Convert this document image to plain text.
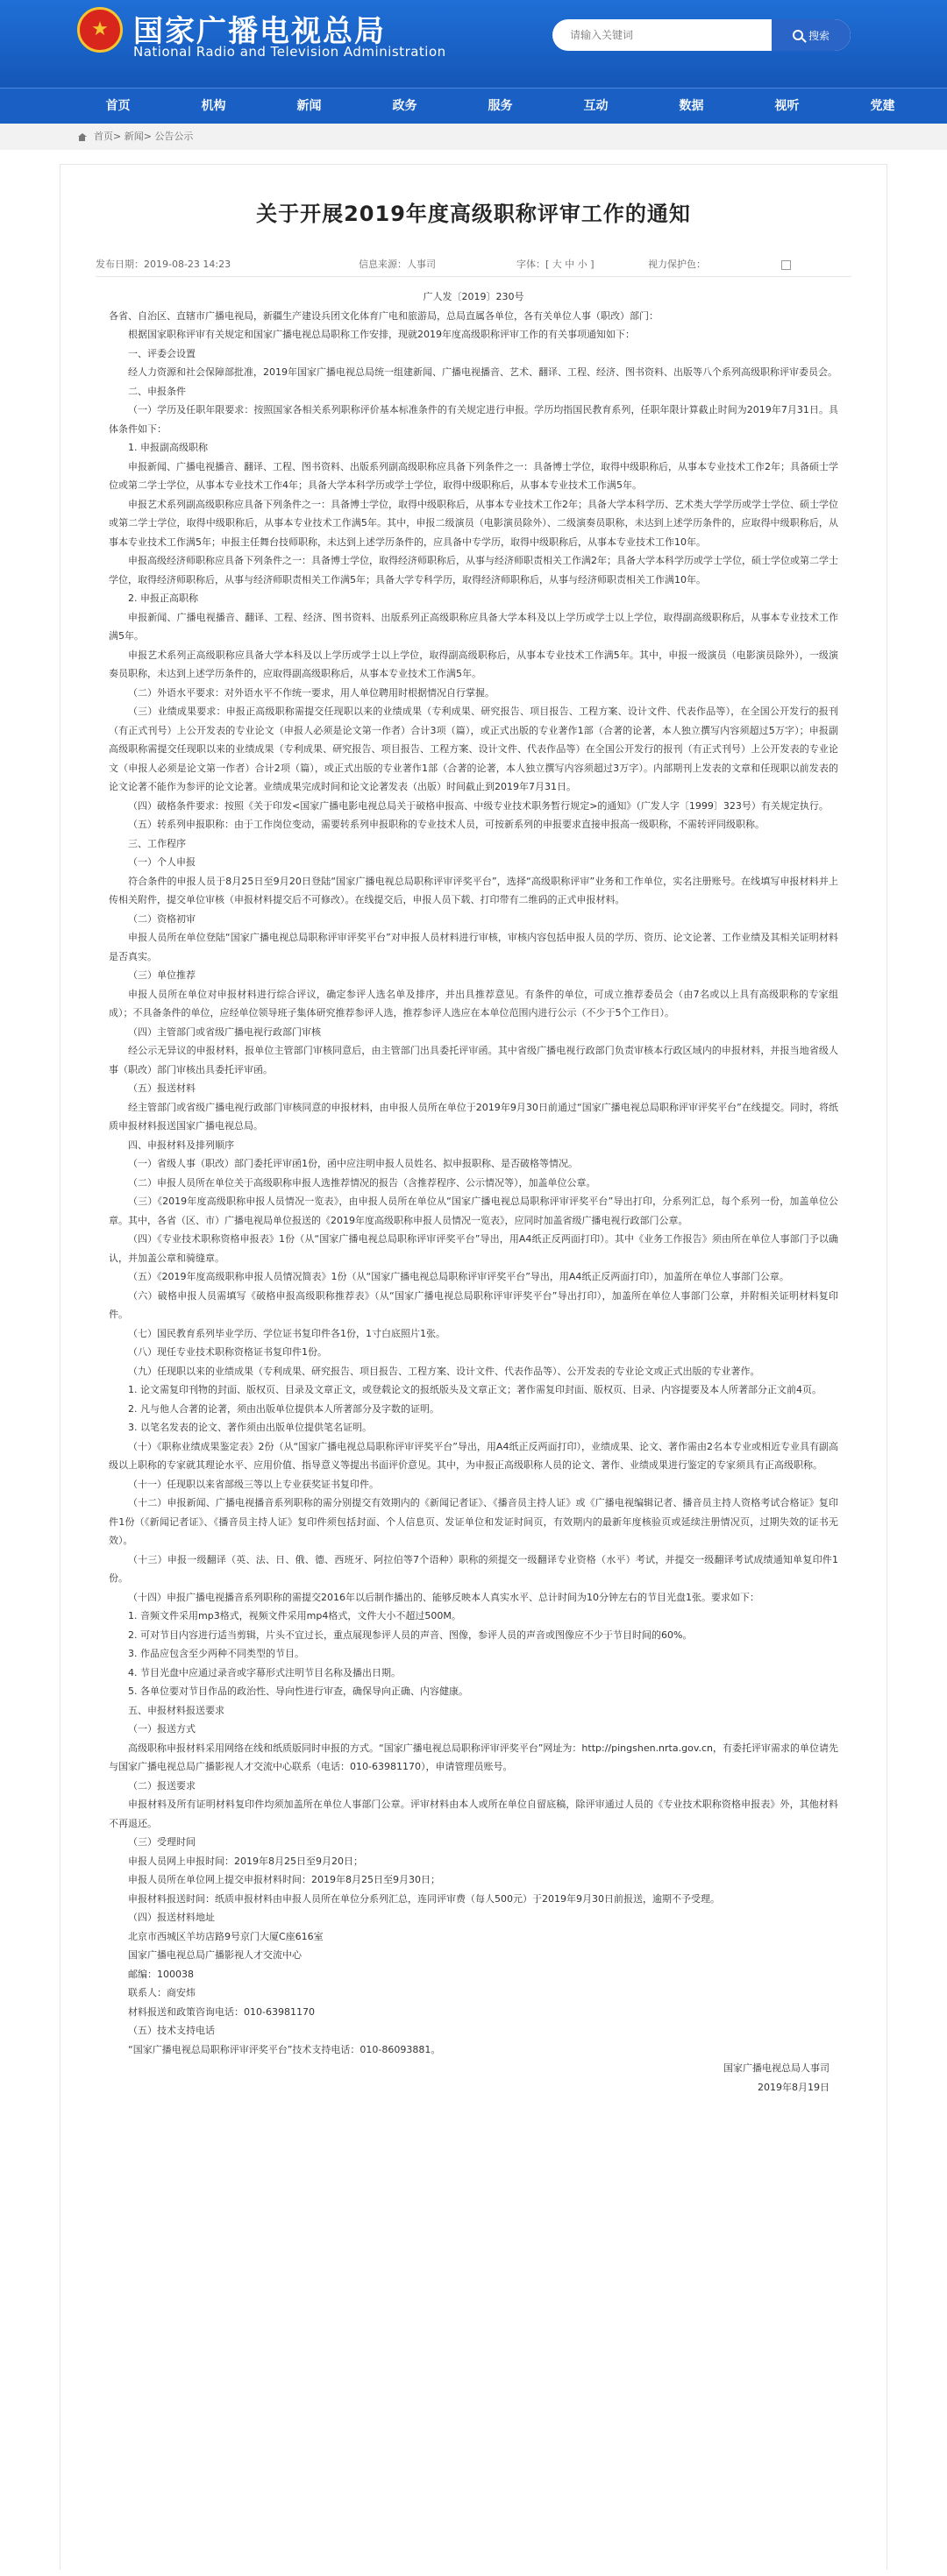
★ 国家广播电视总局
National Radio and Television Administration
请输入关键词
搜索
首页	机构	新闻	政务	服务	互动	数据	视听	党建
首页> 新闻> 公告公示
关于开展2019年度高级职称评审工作的通知
发布日期：2019-08-23 14:23	信息来源：人事司	字体：[ 大 中 小 ]	视力保护色：

广人发〔2019〕230号

各省、自治区、直辖市广播电视局，新疆生产建设兵团文化体育广电和旅游局，总局直属各单位，各有关单位人事（职改）部门：

根据国家职称评审有关规定和国家广播电视总局职称工作安排，现就2019年度高级职称评审工作的有关事项通知如下：

一、评委会设置

经人力资源和社会保障部批准，2019年国家广播电视总局统一组建新闻、广播电视播音、艺术、翻译、工程、经济、图书资料、出版等八个系列高级职称评审委员会。

二、申报条件

（一）学历及任职年限要求：按照国家各相关系列职称评价基本标准条件的有关规定进行申报。学历均指国民教育系列，任职年限计算截止时间为2019年7月31日。具体条件如下：

1. 申报副高级职称

申报新闻、广播电视播音、翻译、工程、图书资料、出版系列副高级职称应具备下列条件之一：具备博士学位，取得中级职称后，从事本专业技术工作2年；具备硕士学位或第二学士学位，从事本专业技术工作4年；具备大学本科学历或学士学位，取得中级职称后，从事本专业技术工作满5年。

申报艺术系列副高级职称应具备下列条件之一：具备博士学位，取得中级职称后，从事本专业技术工作2年；具备大学本科学历、艺术类大学学历或学士学位、硕士学位或第二学士学位，取得中级职称后，从事本专业技术工作满5年。其中，申报二级演员（电影演员除外）、二级演奏员职称，未达到上述学历条件的，应取得中级职称后，从事本专业技术工作满5年；申报主任舞台技师职称，未达到上述学历条件的，应具备中专学历，取得中级职称后，从事本专业技术工作10年。

申报高级经济师职称应具备下列条件之一：具备博士学位，取得经济师职称后，从事与经济师职责相关工作满2年；具备大学本科学历或学士学位，硕士学位或第二学士学位，取得经济师职称后，从事与经济师职责相关工作满5年；具备大学专科学历，取得经济师职称后，从事与经济师职责相关工作满10年。

2. 申报正高职称

申报新闻、广播电视播音、翻译、工程、经济、图书资料、出版系列正高级职称应具备大学本科及以上学历或学士以上学位，取得副高级职称后，从事本专业技术工作满5年。

申报艺术系列正高级职称应具备大学本科及以上学历或学士以上学位，取得副高级职称后，从事本专业技术工作满5年。其中，申报一级演员（电影演员除外），一级演奏员职称，未达到上述学历条件的，应取得副高级职称后，从事本专业技术工作满5年。

（二）外语水平要求：对外语水平不作统一要求，用人单位聘用时根据情况自行掌握。

（三）业绩成果要求：申报正高级职称需提交任现职以来的业绩成果（专利成果、研究报告、项目报告、工程方案、设计文件、代表作品等），在全国公开发行的报刊（有正式刊号）上公开发表的专业论文（申报人必须是论文第一作者）合计3项（篇），或正式出版的专业著作1部（合著的论著，本人独立撰写内容须超过5万字）；申报副高级职称需提交任现职以来的业绩成果（专利成果、研究报告、项目报告、工程方案、设计文件、代表作品等）在全国公开发行的报刊（有正式刊号）上公开发表的专业论文（申报人必须是论文第一作者）合计2项（篇），或正式出版的专业著作1部（合著的论著，本人独立撰写内容须超过3万字）。内部期刊上发表的文章和任现职以前发表的论文论著不能作为参评的论文论著。业绩成果完成时间和论文论著发表（出版）时间截止到2019年7月31日。

（四）破格条件要求：按照《关于印发<国家广播电影电视总局关于破格申报高、中级专业技术职务暂行规定>的通知》（广发人字〔1999〕323号）有关规定执行。

（五）转系列申报职称：由于工作岗位变动，需要转系列申报职称的专业技术人员，可按新系列的申报要求直接申报高一级职称，不需转评同级职称。

三、工作程序

（一）个人申报

符合条件的申报人员于8月25日至9月20日登陆“国家广播电视总局职称评审评奖平台”，选择“高级职称评审”业务和工作单位，实名注册账号。在线填写申报材料并上传相关附件，提交单位审核（申报材料提交后不可修改）。在线提交后，申报人员下载、打印带有二维码的正式申报材料。

（二）资格初审

申报人员所在单位登陆“国家广播电视总局职称评审评奖平台”对申报人员材料进行审核，审核内容包括申报人员的学历、资历、论文论著、工作业绩及其相关证明材料是否真实。

（三）单位推荐

申报人员所在单位对申报材料进行综合评议，确定参评人选名单及排序，并出具推荐意见。有条件的单位，可成立推荐委员会（由7名或以上具有高级职称的专家组成）；不具备条件的单位，应经单位领导班子集体研究推荐参评人选，推荐参评人选应在本单位范围内进行公示（不少于5个工作日）。

（四）主管部门或省级广播电视行政部门审核

经公示无异议的申报材料，报单位主管部门审核同意后，由主管部门出具委托评审函。其中省级广播电视行政部门负责审核本行政区域内的申报材料，并报当地省级人事（职改）部门审核出具委托评审函。

（五）报送材料

经主管部门或省级广播电视行政部门审核同意的申报材料，由申报人员所在单位于2019年9月30日前通过“国家广播电视总局职称评审评奖平台”在线提交。同时，将纸质申报材料报送国家广播电视总局。

四、申报材料及排列顺序

（一）省级人事（职改）部门委托评审函1份，函中应注明申报人员姓名、拟申报职称、是否破格等情况。

（二）申报人员所在单位关于高级职称申报人选推荐情况的报告（含推荐程序、公示情况等），加盖单位公章。

（三）《2019年度高级职称申报人员情况一览表》，由申报人员所在单位从“国家广播电视总局职称评审评奖平台”导出打印，分系列汇总，每个系列一份，加盖单位公章。其中，各省（区、市）广播电视局单位报送的《2019年度高级职称申报人员情况一览表》，应同时加盖省级广播电视行政部门公章。

（四）《专业技术职称资格申报表》1份（从“国家广播电视总局职称评审评奖平台”导出，用A4纸正反两面打印）。其中《业务工作报告》须由所在单位人事部门予以确认，并加盖公章和骑缝章。

（五）《2019年度高级职称申报人员情况简表》1份（从“国家广播电视总局职称评审评奖平台”导出，用A4纸正反两面打印），加盖所在单位人事部门公章。

（六）破格申报人员需填写《破格申报高级职称推荐表》（从“国家广播电视总局职称评审评奖平台”导出打印），加盖所在单位人事部门公章，并附相关证明材料复印件。

（七）国民教育系列毕业学历、学位证书复印件各1份，1寸白底照片1张。

（八）现任专业技术职称资格证书复印件1份。

（九）任现职以来的业绩成果（专利成果、研究报告、项目报告、工程方案、设计文件、代表作品等）、公开发表的专业论文或正式出版的专业著作。

1. 论文需复印刊物的封面、版权页、目录及文章正文，或登载论文的报纸版头及文章正文；著作需复印封面、版权页、目录、内容提要及本人所著部分正文前4页。

2. 凡与他人合著的论著，须由出版单位提供本人所著部分及字数的证明。

3. 以笔名发表的论文、著作须由出版单位提供笔名证明。

（十）《职称业绩成果鉴定表》2份（从“国家广播电视总局职称评审评奖平台”导出，用A4纸正反两面打印），业绩成果、论文、著作需由2名本专业或相近专业具有副高级以上职称的专家就其理论水平、应用价值、指导意义等提出书面评价意见。其中，为申报正高级职称人员的论文、著作、业绩成果进行鉴定的专家须具有正高级职称。

（十一）任现职以来省部级三等以上专业获奖证书复印件。

（十二）申报新闻、广播电视播音系列职称的需分别提交有效期内的《新闻记者证》、《播音员主持人证》或《广播电视编辑记者、播音员主持人资格考试合格证》复印件1份（《新闻记者证》、《播音员主持人证》复印件须包括封面、个人信息页、发证单位和发证时间页，有效期内的最新年度核验页或延续注册情况页，过期失效的证书无效）。

（十三）申报一级翻译（英、法、日、俄、德、西班牙、阿拉伯等7个语种）职称的须提交一级翻译专业资格（水平）考试，并提交一级翻译考试成绩通知单复印件1份。

（十四）申报广播电视播音系列职称的需提交2016年以后制作播出的、能够反映本人真实水平、总计时间为10分钟左右的节目光盘1张。要求如下：

1. 音频文件采用mp3格式，视频文件采用mp4格式，文件大小不超过500M。

2. 可对节目内容进行适当剪辑，片头不宜过长，重点展现参评人员的声音、图像，参评人员的声音或图像应不少于节目时间的60%。

3. 作品应包含至少两种不同类型的节目。

4. 节目光盘中应通过录音或字幕形式注明节目名称及播出日期。

5. 各单位要对节目作品的政治性、导向性进行审查，确保导向正确、内容健康。

五、申报材料报送要求

（一）报送方式

高级职称申报材料采用网络在线和纸质版同时申报的方式。“国家广播电视总局职称评审评奖平台”网址为：http://pingshen.nrta.gov.cn，有委托评审需求的单位请先与国家广播电视总局广播影视人才交流中心联系（电话：010-63981170），申请管理员账号。

（二）报送要求

申报材料及所有证明材料复印件均须加盖所在单位人事部门公章。评审材料由本人或所在单位自留底稿，除评审通过人员的《专业技术职称资格申报表》外，其他材料不再退还。

（三）受理时间

申报人员网上申报时间：2019年8月25日至9月20日；

申报人员所在单位网上提交申报材料时间：2019年8月25日至9月30日；

申报材料报送时间：纸质申报材料由申报人员所在单位分系列汇总，连同评审费（每人500元）于2019年9月30日前报送，逾期不予受理。

（四）报送材料地址

北京市西城区羊坊店路9号京门大厦C座616室

国家广播电视总局广播影视人才交流中心

邮编：100038

联系人：商安炜

材料报送和政策咨询电话：010-63981170

（五）技术支持电话

“国家广播电视总局职称评审评奖平台”技术支持电话：010-86093881。

国家广播电视总局人事司

2019年8月19日
